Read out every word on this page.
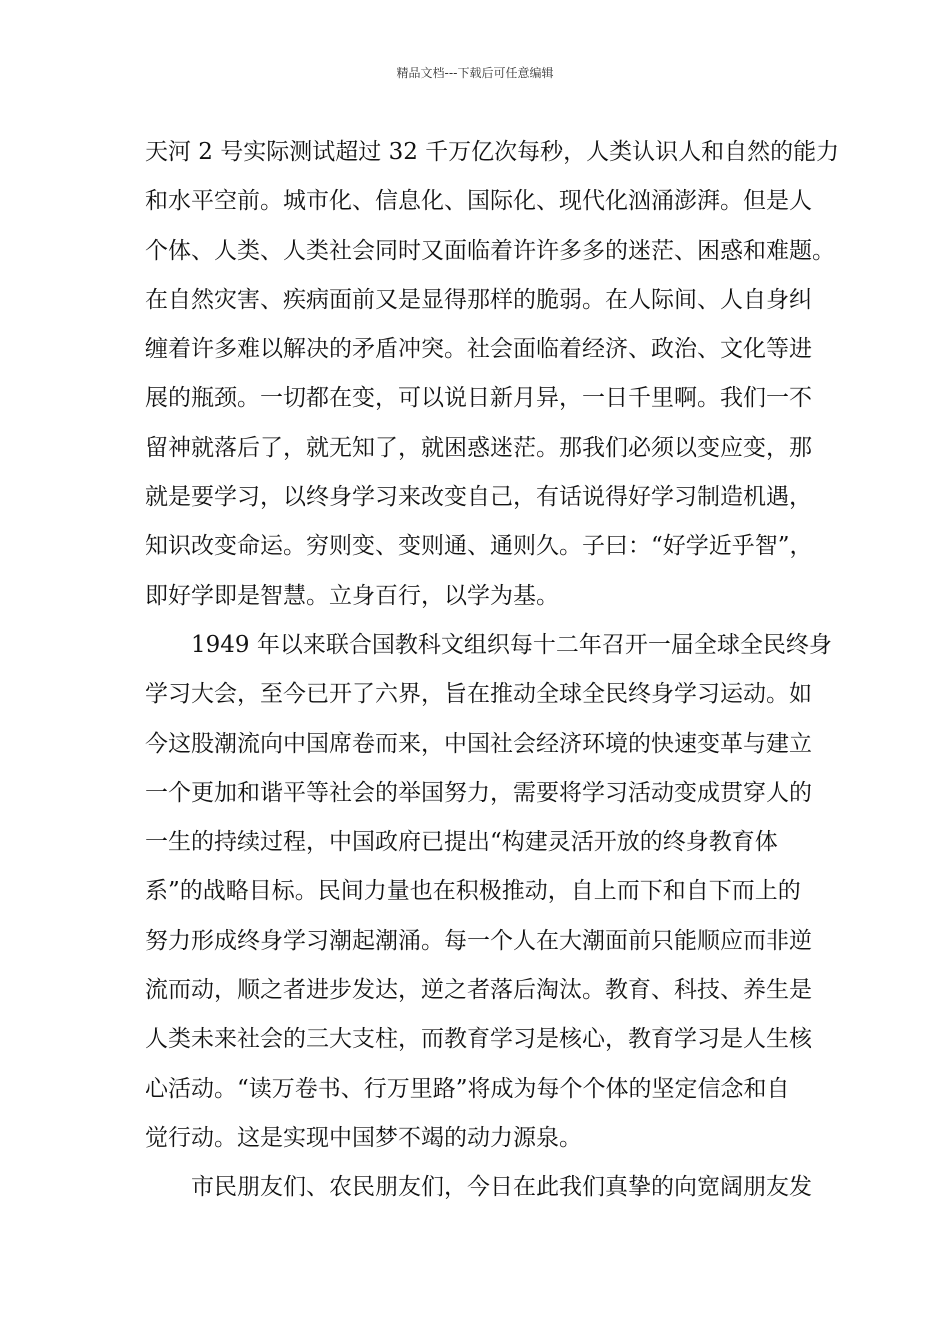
精品文档---下载后可任意编辑
天河 2 号实际测试超过 32 千万亿次每秒，人类认识人和自然的能力
和水平空前。城市化、信息化、国际化、现代化汹涌澎湃。但是人
个体、人类、人类社会同时又面临着许许多多的迷茫、困惑和难题。
在自然灾害、疾病面前又是显得那样的脆弱。在人际间、人自身纠
缠着许多难以解决的矛盾冲突。社会面临着经济、政治、文化等进
展的瓶颈。一切都在变，可以说日新月异，一日千里啊。我们一不
留神就落后了，就无知了，就困惑迷茫。那我们必须以变应变，那
就是要学习，以终身学习来改变自己，有话说得好学习制造机遇，
知识改变命运。穷则变、变则通、通则久。子曰：“好学近乎智”，
即好学即是智慧。立身百行，以学为基。
1949 年以来联合国教科文组织每十二年召开一届全球全民终身
学习大会，至今已开了六界，旨在推动全球全民终身学习运动。如
今这股潮流向中国席卷而来，中国社会经济环境的快速变革与建立
一个更加和谐平等社会的举国努力，需要将学习活动变成贯穿人的
一生的持续过程，中国政府已提出“构建灵活开放的终身教育体
系”的战略目标。民间力量也在积极推动，自上而下和自下而上的
努力形成终身学习潮起潮涌。每一个人在大潮面前只能顺应而非逆
流而动，顺之者进步发达，逆之者落后淘汰。教育、科技、养生是
人类未来社会的三大支柱，而教育学习是核心，教育学习是人生核
心活动。“读万卷书、行万里路”将成为每个个体的坚定信念和自
觉行动。这是实现中国梦不竭的动力源泉。
市民朋友们、农民朋友们，今日在此我们真挚的向宽阔朋友发
